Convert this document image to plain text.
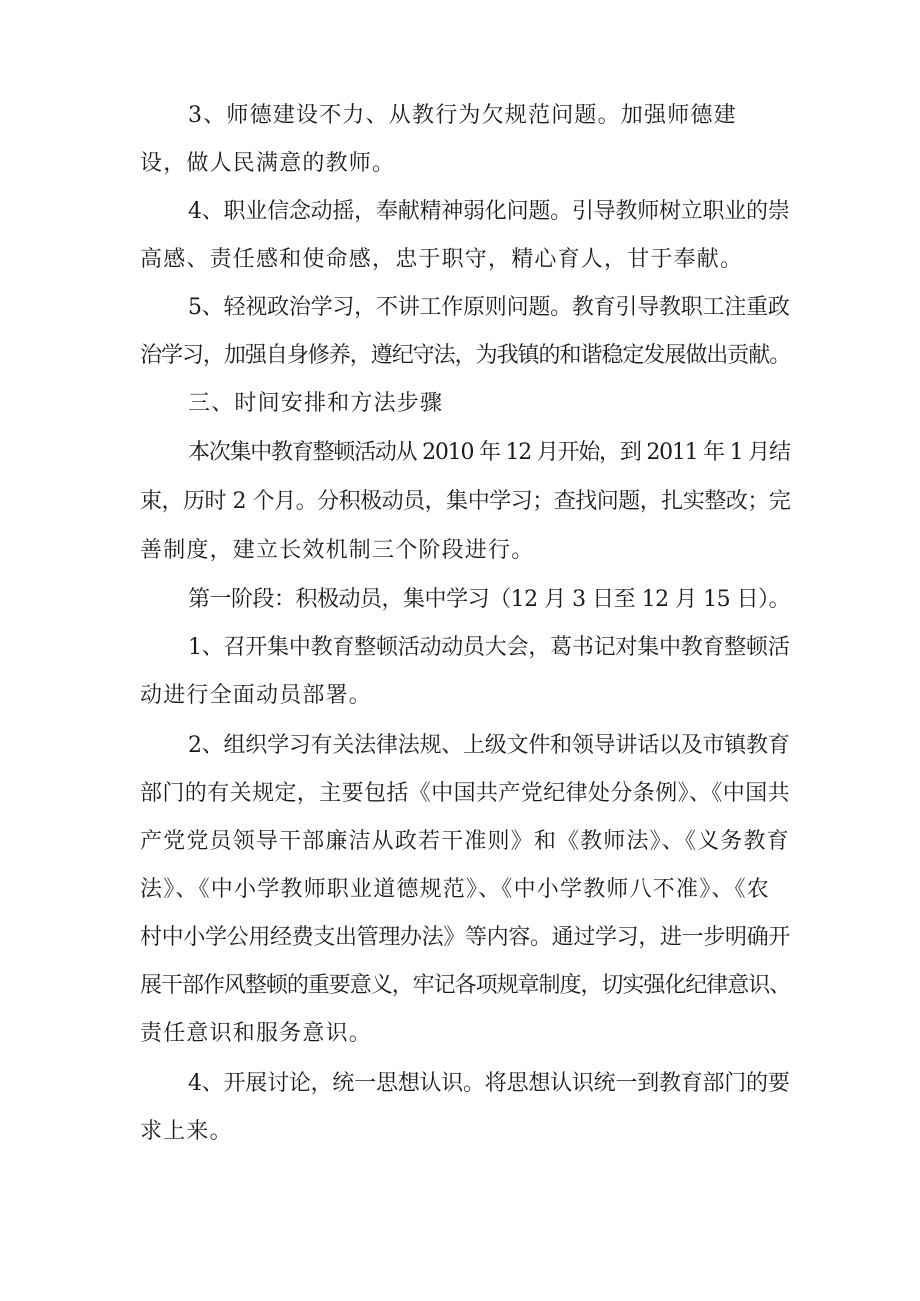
3、师德建设不力、从教行为欠规范问题。加强师德建
设，做人民满意的教师。
4、职业信念动摇，奉献精神弱化问题。引导教师树立职业的崇
高感、责任感和使命感，忠于职守，精心育人，甘于奉献。
5、轻视政治学习，不讲工作原则问题。教育引导教职工注重政
治学习，加强自身修养，遵纪守法，为我镇的和谐稳定发展做出贡献。
三、时间安排和方法步骤
本次集中教育整顿活动从 2010 年 12 月开始，到 2011 年 1 月结
束，历时 2 个月。分积极动员，集中学习；查找问题，扎实整改；完
善制度，建立长效机制三个阶段进行。
第一阶段：积极动员，集中学习（12 月 3 日至 12 月 15 日）。
1、召开集中教育整顿活动动员大会，葛书记对集中教育整顿活
动进行全面动员部署。
2、组织学习有关法律法规、上级文件和领导讲话以及市镇教育
部门的有关规定，主要包括《中国共产党纪律处分条例》、《中国共
产党党员领导干部廉洁从政若干准则》和《教师法》、《义务教育
法》、《中小学教师职业道德规范》、《中小学教师八不准》、《农
村中小学公用经费支出管理办法》等内容。通过学习，进一步明确开
展干部作风整顿的重要意义，牢记各项规章制度，切实强化纪律意识、
责任意识和服务意识。
4、开展讨论，统一思想认识。将思想认识统一到教育部门的要
求上来。
